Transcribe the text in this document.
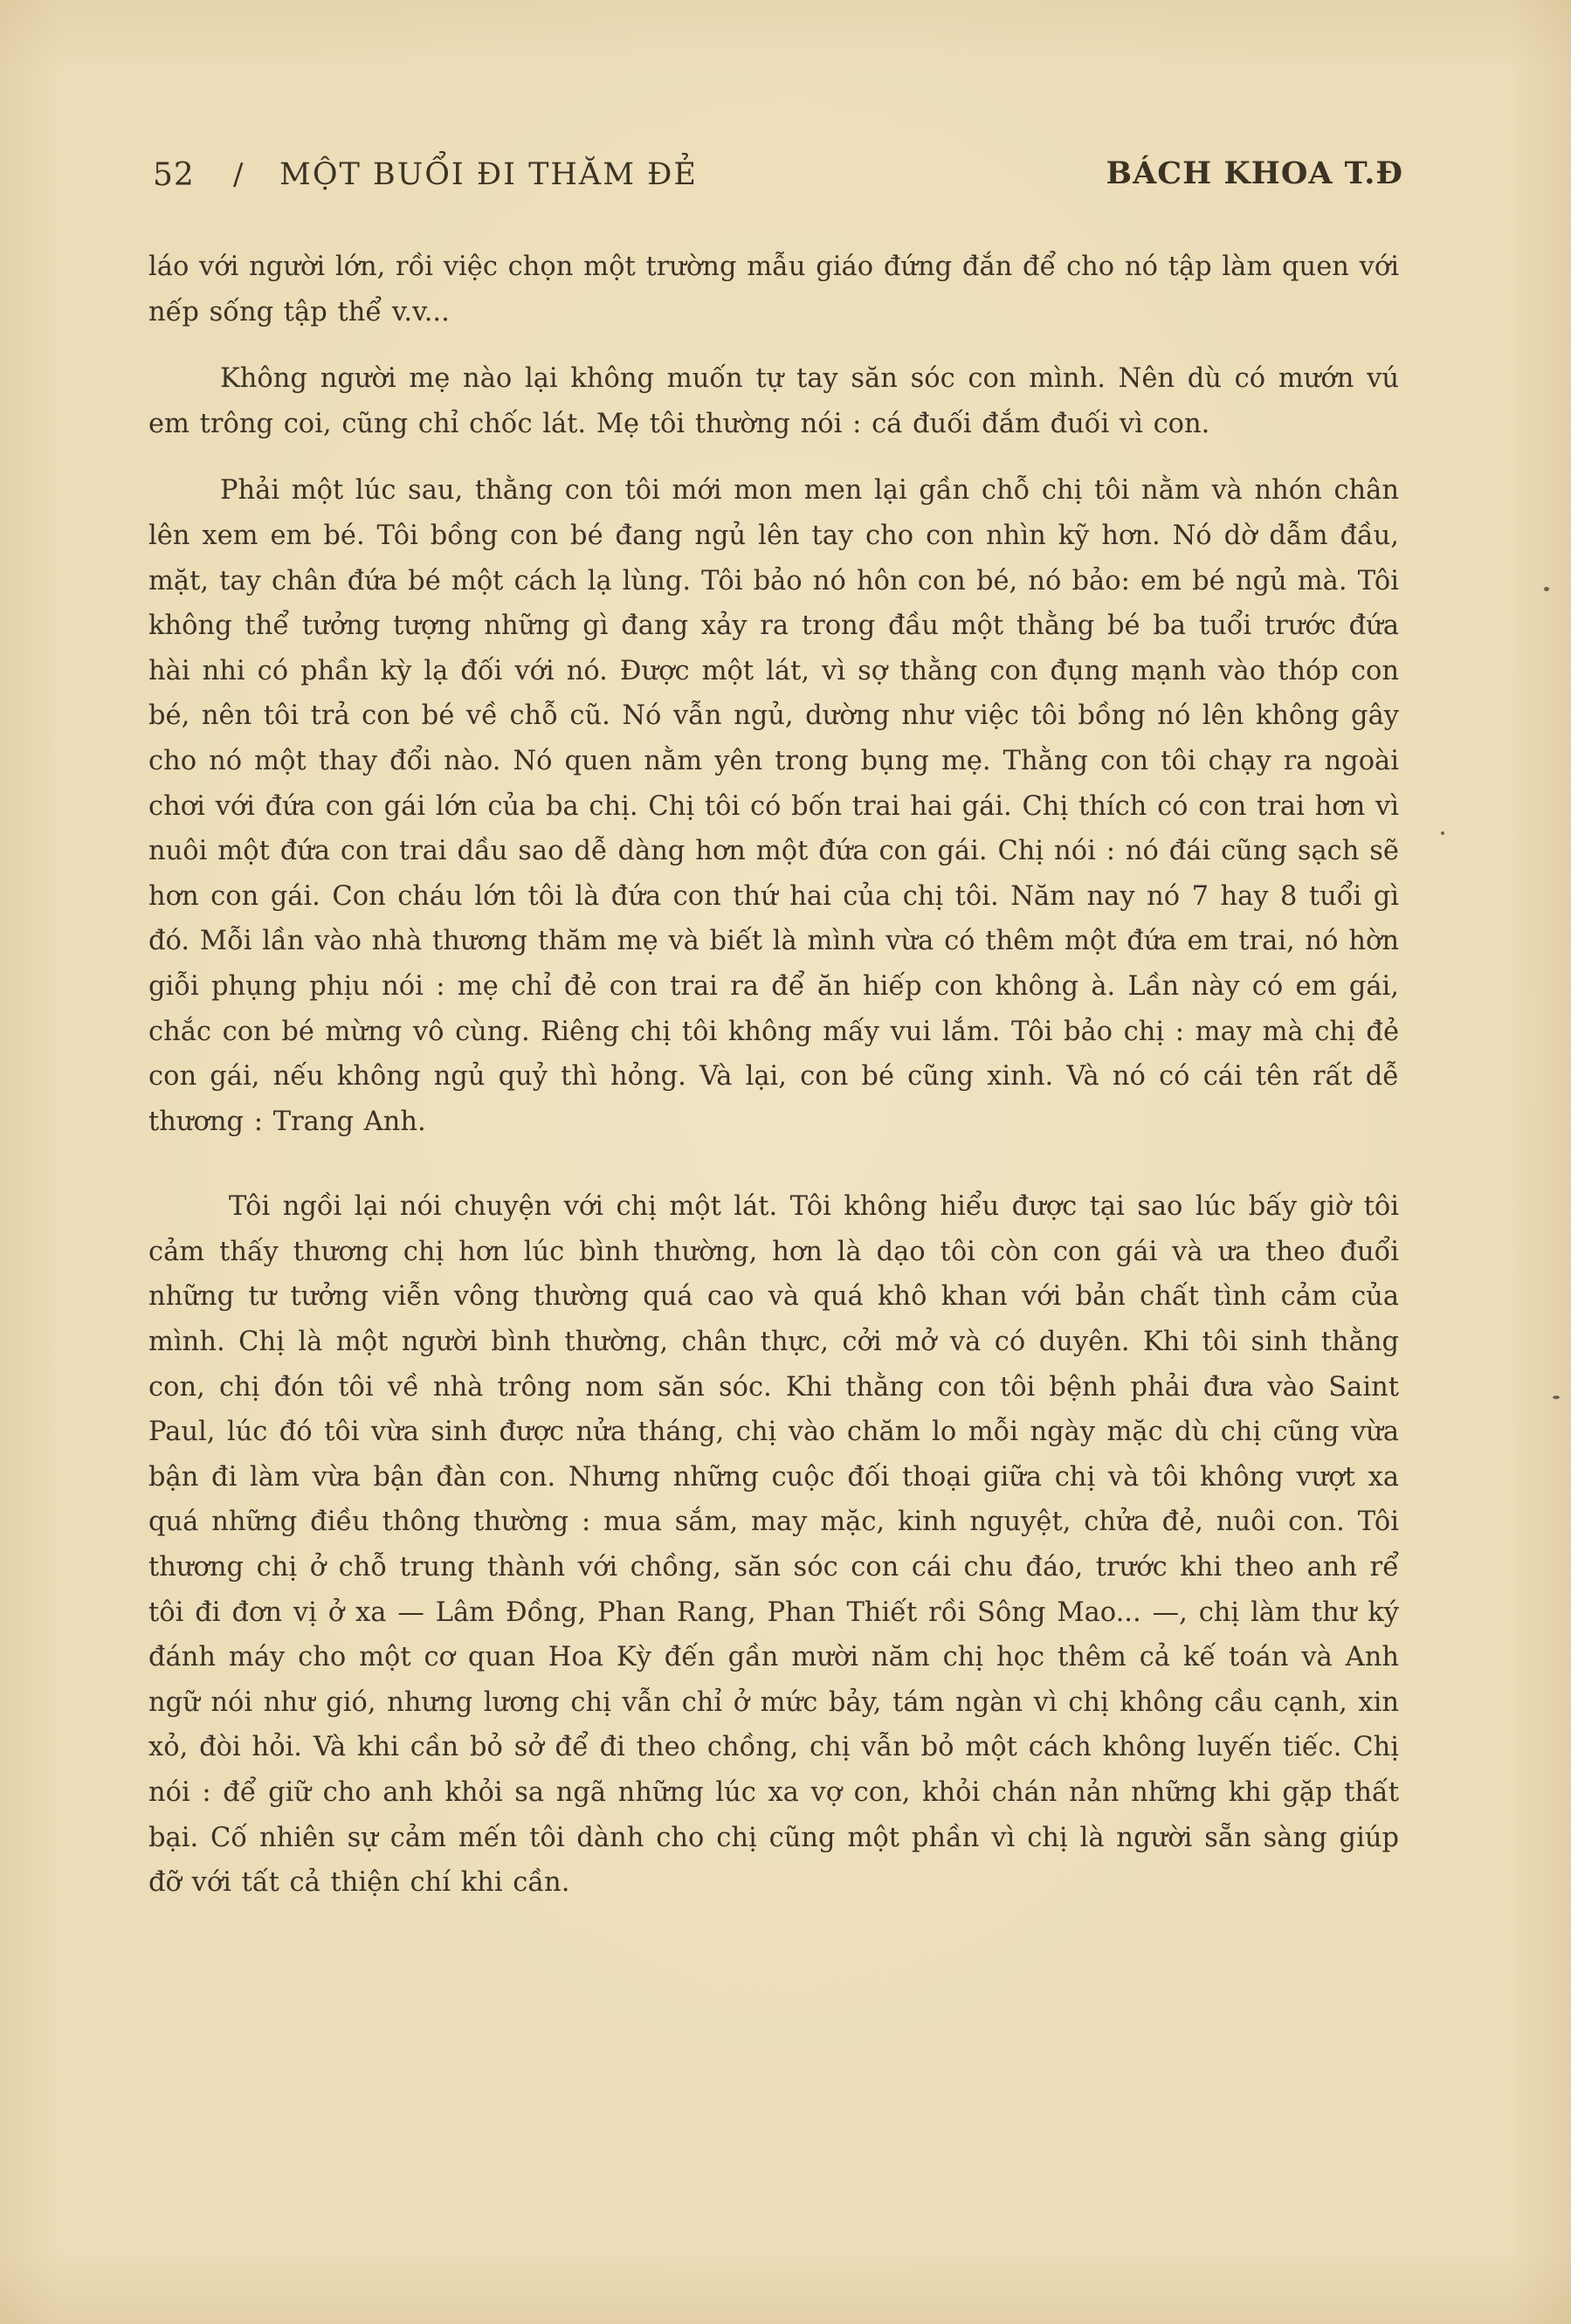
52 / MỘT BUỔI ĐI THĂM ĐẺ	BÁCH KHOA T.Đ

láo với người lớn, rồi việc chọn một trường mẫu giáo đứng đắn để cho nó tập làm quen với nếp sống tập thể v.v...

Không người mẹ nào lại không muốn tự tay săn sóc con mình. Nên dù có mướn vú em trông coi, cũng chỉ chốc lát. Mẹ tôi thường nói : cá đuối đắm đuối vì con.

Phải một lúc sau, thằng con tôi mới mon men lại gần chỗ chị tôi nằm và nhón chân lên xem em bé. Tôi bồng con bé đang ngủ lên tay cho con nhìn kỹ hơn. Nó dờ dẫm đầu, mặt, tay chân đứa bé một cách lạ lùng. Tôi bảo nó hôn con bé, nó bảo: em bé ngủ mà. Tôi không thể tưởng tượng những gì đang xảy ra trong đầu một thằng bé ba tuổi trước đứa hài nhi có phần kỳ lạ đối với nó. Được một lát, vì sợ thằng con đụng mạnh vào thóp con bé, nên tôi trả con bé về chỗ cũ. Nó vẫn ngủ, dường như việc tôi bồng nó lên không gây cho nó một thay đổi nào. Nó quen nằm yên trong bụng mẹ. Thằng con tôi chạy ra ngoài chơi với đứa con gái lớn của ba chị. Chị tôi có bốn trai hai gái. Chị thích có con trai hơn vì nuôi một đứa con trai dầu sao dễ dàng hơn một đứa con gái. Chị nói : nó đái cũng sạch sẽ hơn con gái. Con cháu lớn tôi là đứa con thứ hai của chị tôi. Năm nay nó 7 hay 8 tuổi gì đó. Mỗi lần vào nhà thương thăm mẹ và biết là mình vừa có thêm một đứa em trai, nó hờn giỗi phụng phịu nói : mẹ chỉ đẻ con trai ra để ăn hiếp con không à. Lần này có em gái, chắc con bé mừng vô cùng. Riêng chị tôi không mấy vui lắm. Tôi bảo chị : may mà chị đẻ con gái, nếu không ngủ quỷ thì hỏng. Và lại, con bé cũng xinh. Và nó có cái tên rất dễ thương : Trang Anh.

Tôi ngồi lại nói chuyện với chị một lát. Tôi không hiểu được tại sao lúc bấy giờ tôi cảm thấy thương chị hơn lúc bình thường, hơn là dạo tôi còn con gái và ưa theo đuổi những tư tưởng viễn vông thường quá cao và quá khô khan với bản chất tình cảm của mình. Chị là một người bình thường, chân thực, cởi mở và có duyên. Khi tôi sinh thằng con, chị đón tôi về nhà trông nom săn sóc. Khi thằng con tôi bệnh phải đưa vào Saint Paul, lúc đó tôi vừa sinh được nửa tháng, chị vào chăm lo mỗi ngày mặc dù chị cũng vừa bận đi làm vừa bận đàn con. Nhưng những cuộc đối thoại giữa chị và tôi không vượt xa quá những điều thông thường : mua sắm, may mặc, kinh nguyệt, chửa đẻ, nuôi con. Tôi thương chị ở chỗ trung thành với chồng, săn sóc con cái chu đáo, trước khi theo anh rể tôi đi đơn vị ở xa — Lâm Đồng, Phan Rang, Phan Thiết rồi Sông Mao... —, chị làm thư ký đánh máy cho một cơ quan Hoa Kỳ đến gần mười năm chị học thêm cả kế toán và Anh ngữ nói như gió, nhưng lương chị vẫn chỉ ở mức bảy, tám ngàn vì chị không cầu cạnh, xin xỏ, đòi hỏi. Và khi cần bỏ sở để đi theo chồng, chị vẫn bỏ một cách không luyến tiếc. Chị nói : để giữ cho anh khỏi sa ngã những lúc xa vợ con, khỏi chán nản những khi gặp thất bại. Cố nhiên sự cảm mến tôi dành cho chị cũng một phần vì chị là người sẵn sàng giúp đỡ với tất cả thiện chí khi cần.
